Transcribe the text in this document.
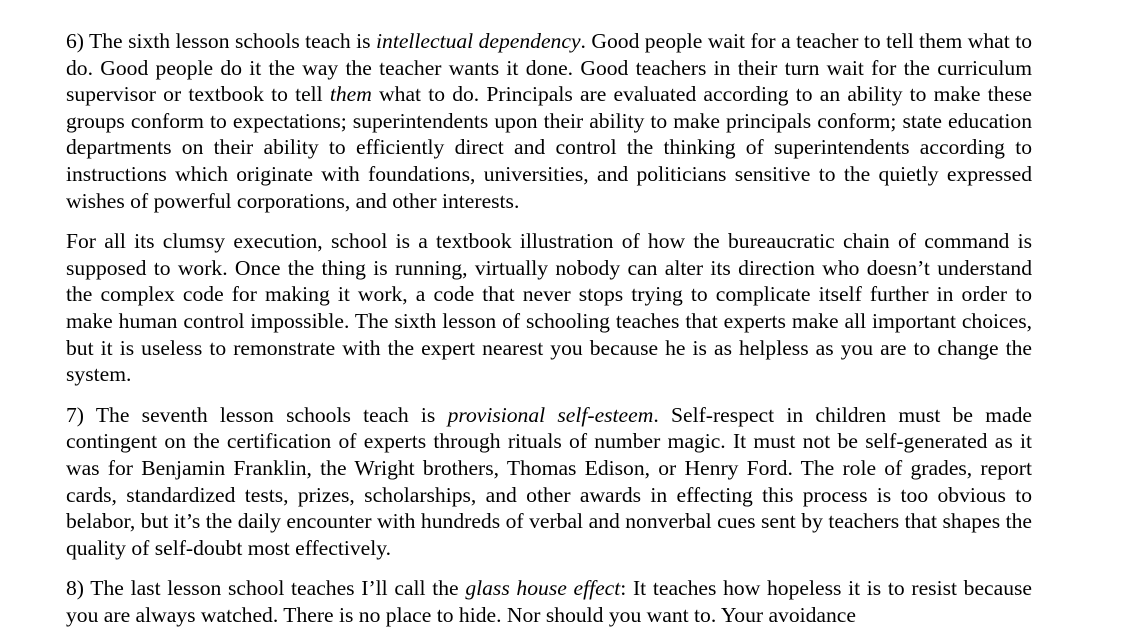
6) The sixth lesson schools teach is intellectual dependency. Good people wait for a teacher to tell them what to do. Good people do it the way the teacher wants it done. Good teachers in their turn wait for the curriculum supervisor or textbook to tell them what to do. Principals are evaluated according to an ability to make these groups conform to expectations; superintendents upon their ability to make principals conform; state education departments on their ability to efficiently direct and control the thinking of superintendents according to instructions which originate with foundations, universities, and politicians sensitive to the quietly expressed wishes of powerful corporations, and other interests.

For all its clumsy execution, school is a textbook illustration of how the bureaucratic chain of command is supposed to work. Once the thing is running, virtually nobody can alter its direction who doesn’t understand the complex code for making it work, a code that never stops trying to complicate itself further in order to make human control impossible. The sixth lesson of schooling teaches that experts make all important choices, but it is useless to remonstrate with the expert nearest you because he is as helpless as you are to change the system.

7) The seventh lesson schools teach is provisional self-esteem. Self-respect in children must be made contingent on the certification of experts through rituals of number magic. It must not be self-generated as it was for Benjamin Franklin, the Wright brothers, Thomas Edison, or Henry Ford. The role of grades, report cards, standardized tests, prizes, scholarships, and other awards in effecting this process is too obvious to belabor, but it’s the daily encounter with hundreds of verbal and nonverbal cues sent by teachers that shapes the quality of self-doubt most effectively.

8) The last lesson school teaches I’ll call the glass house effect: It teaches how hopeless it is to resist because you are always watched. There is no place to hide. Nor should you want to. Your avoidance
